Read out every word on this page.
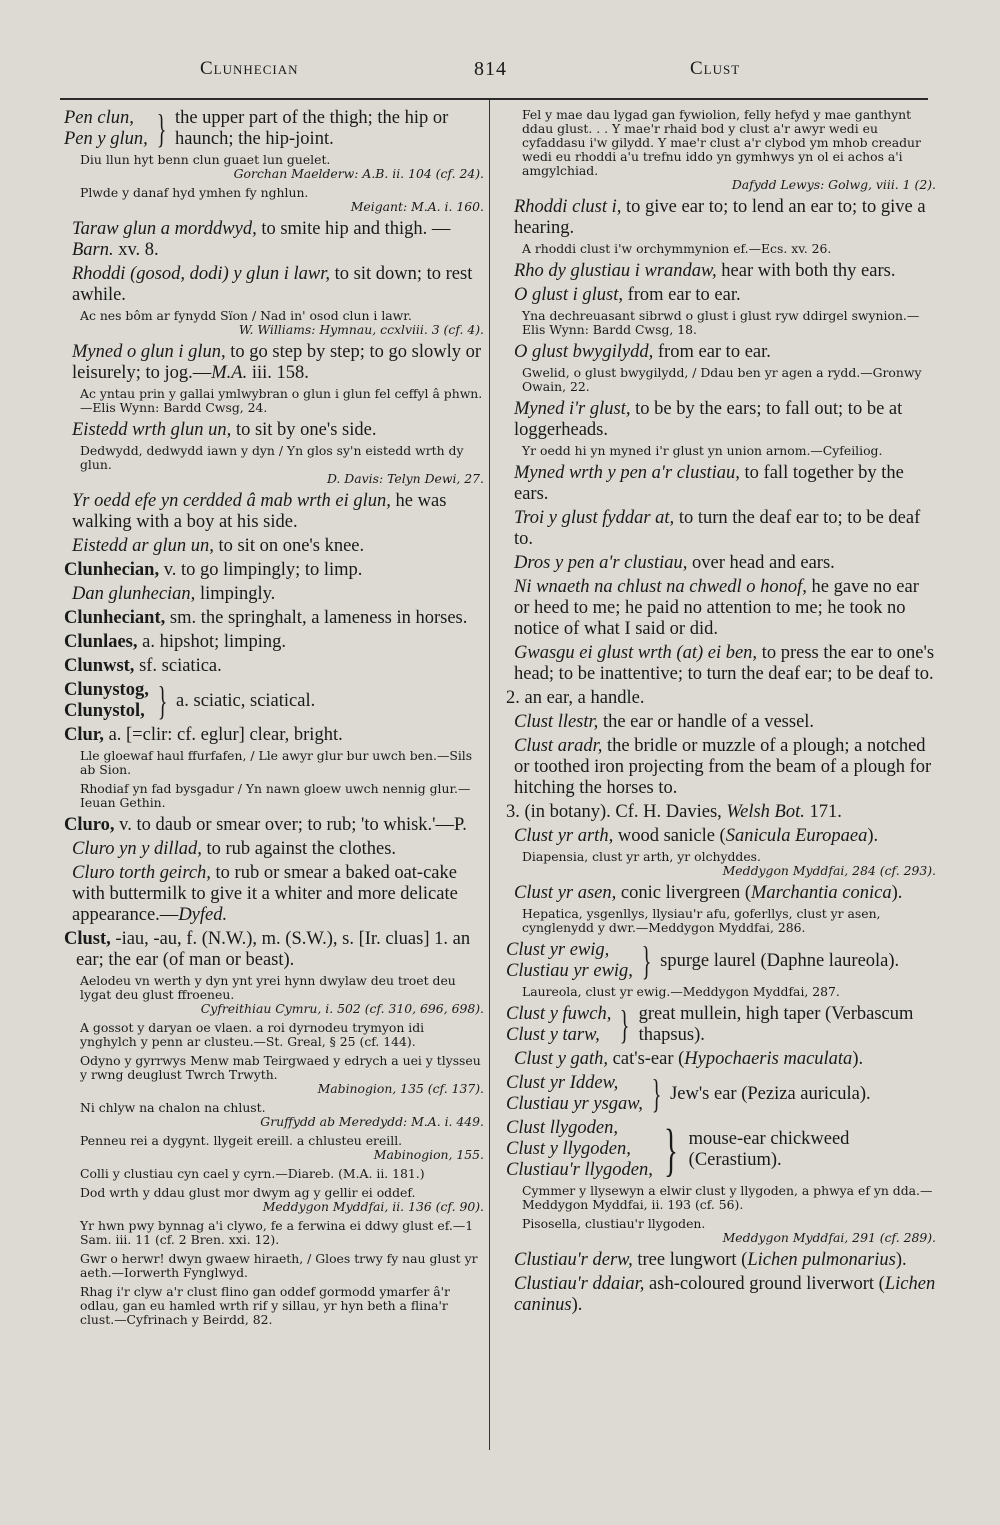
Clunhecian	814	Clust
Pen clun,
Pen y glun, } the upper part of the thigh; the hip or haunch; the hip-joint.
Diu llun hyt benn clun guaet lun guelet.
Gorchan Maelderw: A.B. ii. 104 (cf. 24).
Plwde y danaf hyd ymhen fy nghlun.
Meigant: M.A. i. 160.

Taraw glun a morddwyd, to smite hip and thigh. —Barn. xv. 8.

Rhoddi (gosod, dodi) y glun i lawr, to sit down; to rest awhile.

Ac nes bôm ar fynydd Sïon / Nad in' osod clun i lawr.
W. Williams: Hymnau, ccxlviii. 3 (cf. 4).

Myned o glun i glun, to go step by step; to go slowly or leisurely; to jog.—M.A. iii. 158.

Ac yntau prin y gallai ymlwybran o glun i glun fel ceffyl â phwn.—Elis Wynn: Bardd Cwsg, 24.

Eistedd wrth glun un, to sit by one's side.

Dedwydd, dedwydd iawn y dyn / Yn glos sy'n eistedd wrth dy glun.
D. Davis: Telyn Dewi, 27.

Yr oedd efe yn cerdded â mab wrth ei glun, he was walking with a boy at his side.

Eistedd ar glun un, to sit on one's knee.

Clunhecian, v. to go limpingly; to limp.

Dan glunhecian, limpingly.

Clunheciant, sm. the springhalt, a lameness in horses.

Clunlaes, a. hipshot; limping.

Clunwst, sf. sciatica.

Clunystog,
Clunystol, } a. sciatic, sciatical.

Clur, a. [=clir: cf. eglur] clear, bright.

Lle gloewaf haul ffurfafen, / Lle awyr glur bur uwch ben.—Sils ab Sion.
Rhodiaf yn fad bysgadur / Yn nawn gloew uwch nennig glur.—Ieuan Gethin.

Cluro, v. to daub or smear over; to rub; 'to whisk.'—P.

Cluro yn y dillad, to rub against the clothes.

Cluro torth geirch, to rub or smear a baked oat-cake with buttermilk to give it a whiter and more delicate appearance.—Dyfed.

Clust, -iau, -au, f. (N.W.), m. (S.W.), s. [Ir. cluas] 1. an ear; the ear (of man or beast).

Aelodeu vn werth y dyn ynt yrei hynn dwylaw deu troet deu lygat deu glust ffroeneu.
Cyfreithiau Cymru, i. 502 (cf. 310, 696, 698).
A gossot y daryan oe vlaen. a roi dyrnodeu trymyon idi ynghylch y penn ar clusteu.—St. Greal, § 25 (cf. 144).
Odyno y gyrrwys Menw mab Teirgwaed y edrych a uei y tlysseu y rwng deuglust Twrch Trwyth.
Mabinogion, 135 (cf. 137).
Ni chlyw na chalon na chlust.
Gruffydd ab Meredydd: M.A. i. 449.
Penneu rei a dygynt. llygeit ereill. a chlusteu ereill.
Mabinogion, 155.
Colli y clustiau cyn cael y cyrn.—Diareb. (M.A. ii. 181.)
Dod wrth y ddau glust mor dwym ag y gellir ei oddef.
Meddygon Myddfai, ii. 136 (cf. 90).
Yr hwn pwy bynnag a'i clywo, fe a ferwina ei ddwy glust ef.—1 Sam. iii. 11 (cf. 2 Bren. xxi. 12).
Gwr o herwr! dwyn gwaew hiraeth, / Gloes trwy fy nau glust yr aeth.—Iorwerth Fynglwyd.
Rhag i'r clyw a'r clust flino gan oddef gormodd ymarfer â'r odlau, gan eu hamled wrth rif y sillau, yr hyn beth a flina'r clust.—Cyfrinach y Beirdd, 82.
Fel y mae dau lygad gan fywiolion, felly hefyd y mae ganthynt ddau glust. . . Y mae'r rhaid bod y clust a'r awyr wedi eu cyfaddasu i'w gilydd. Y mae'r clust a'r clybod ym mhob creadur wedi eu rhoddi a'u trefnu iddo yn gymhwys yn ol ei achos a'i amgylchiad.
Dafydd Lewys: Golwg, viii. 1 (2).

Rhoddi clust i, to give ear to; to lend an ear to; to give a hearing.

A rhoddi clust i'w orchymmynion ef.—Ecs. xv. 26.

Rho dy glustiau i wrandaw, hear with both thy ears.

O glust i glust, from ear to ear.

Yna dechreuasant sibrwd o glust i glust ryw ddirgel swynion.—Elis Wynn: Bardd Cwsg, 18.

O glust bwygilydd, from ear to ear.

Gwelid, o glust bwygilydd, / Ddau ben yr agen a rydd.—Gronwy Owain, 22.

Myned i'r glust, to be by the ears; to fall out; to be at loggerheads.

Yr oedd hi yn myned i'r glust yn union arnom.—Cyfeiliog.

Myned wrth y pen a'r clustiau, to fall together by the ears.

Troi y glust fyddar at, to turn the deaf ear to; to be deaf to.

Dros y pen a'r clustiau, over head and ears.

Ni wnaeth na chlust na chwedl o honof, he gave no ear or heed to me; he paid no attention to me; he took no notice of what I said or did.

Gwasgu ei glust wrth (at) ei ben, to press the ear to one's head; to be inattentive; to turn the deaf ear; to be deaf to.

2. an ear, a handle.

Clust llestr, the ear or handle of a vessel.

Clust aradr, the bridle or muzzle of a plough; a notched or toothed iron projecting from the beam of a plough for hitching the horses to.

3. (in botany). Cf. H. Davies, Welsh Bot. 171.

Clust yr arth, wood sanicle (Sanicula Europaea).

Diapensia, clust yr arth, yr olchyddes.
Meddygon Myddfai, 284 (cf. 293).

Clust yr asen, conic livergreen (Marchantia conica).

Hepatica, ysgenllys, llysiau'r afu, goferllys, clust yr asen, cynglenydd y dwr.—Meddygon Myddfai, 286.
Clust yr ewig,
Clustiau yr ewig, } spurge laurel (Daphne laureola).
Laureola, clust yr ewig.—Meddygon Myddfai, 287.
Clust y fuwch,
Clust y tarw, } great mullein, high taper (Verbascum thapsus).

Clust y gath, cat's-ear (Hypochaeris maculata).

Clust yr Iddew,
Clustiau yr ysgaw, } Jew's ear (Peziza auricula).
Clust llygoden,
Clust y llygoden,
Clustiau'r llygoden, } mouse-ear chickweed (Cerastium).
Cymmer y llysewyn a elwir clust y llygoden, a phwya ef yn dda.—Meddygon Myddfai, ii. 193 (cf. 56).
Pisosella, clustiau'r llygoden.
Meddygon Myddfai, 291 (cf. 289).

Clustiau'r derw, tree lungwort (Lichen pulmonarius).

Clustiau'r ddaiar, ash-coloured ground liverwort (Lichen caninus).
